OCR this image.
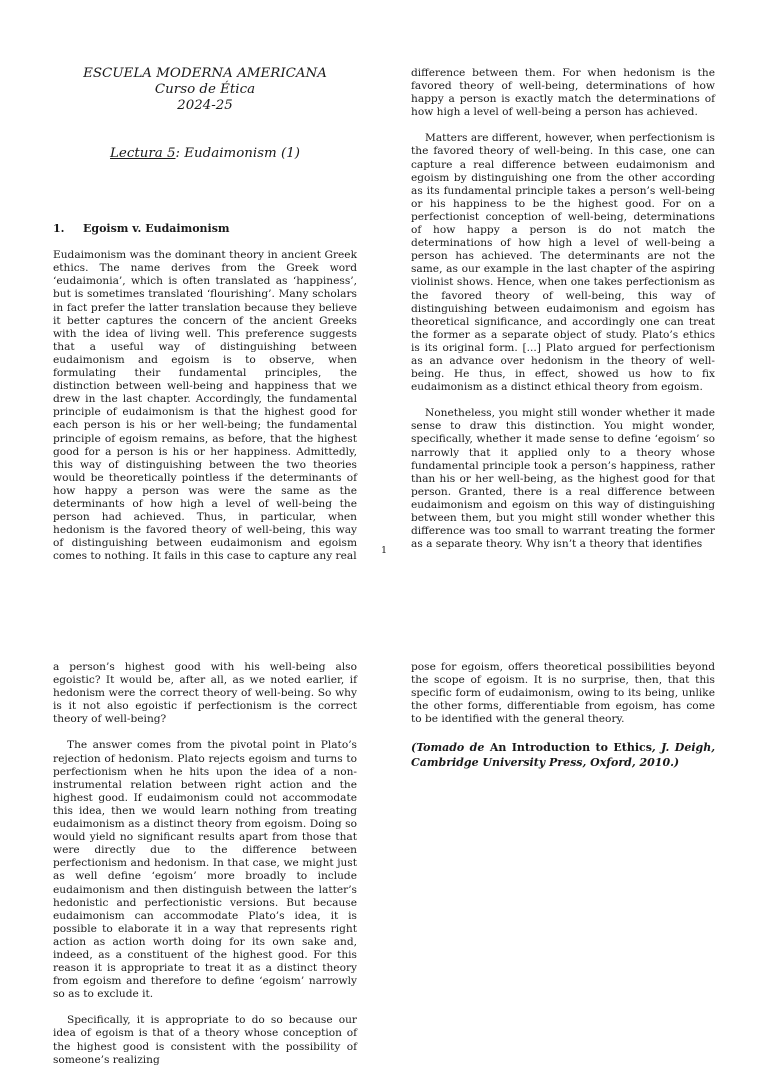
ESCUELA MODERNA AMERICANA
Curso de Ética
2024-25
Lectura 5: Eudaimonism (1)
1. Egoism v. Eudaimonism

Eudaimonism was the dominant theory in ancient Greek ethics. The name derives from the Greek word ‘eudaimonia’, which is often translated as ‘happiness’, but is sometimes translated ‘flourishing’. Many scholars in fact prefer the latter translation because they believe it better captures the concern of the ancient Greeks with the idea of living well. This preference suggests that a useful way of distinguishing between eudaimonism and egoism is to observe, when formulating their fundamental principles, the distinction between well-being and happiness that we drew in the last chapter. Accordingly, the fundamental principle of eudaimonism is that the highest good for each person is his or her well-being; the fundamental principle of egoism remains, as before, that the highest good for a person is his or her happiness. Admittedly, this way of distinguishing between the two theories would be theoretically pointless if the determinants of how happy a person was were the same as the determinants of how high a level of well-being the person had achieved. Thus, in particular, when hedonism is the favored theory of well-being, this way of distinguishing between eudaimonism and egoism comes to nothing. It fails in this case to capture any real

difference between them. For when hedonism is the favored theory of well-being, determinations of how happy a person is exactly match the determinations of how high a level of well-being a person has achieved.

Matters are different, however, when perfectionism is the favored theory of well-being. In this case, one can capture a real difference between eudaimonism and egoism by distinguishing one from the other according as its fundamental principle takes a person’s well-being or his happiness to be the highest good. For on a perfectionist conception of well-being, determinations of how happy a person is do not match the determinations of how high a level of well-being a person has achieved. The determinants are not the same, as our example in the last chapter of the aspiring violinist shows. Hence, when one takes perfectionism as the favored theory of well-being, this way of distinguishing between eudaimonism and egoism has theoretical significance, and accordingly one can treat the former as a separate object of study. Plato’s ethics is its original form. [...] Plato argued for perfectionism as an advance over hedonism in the theory of well-being. He thus, in effect, showed us how to fix eudaimonism as a distinct ethical theory from egoism.

Nonetheless, you might still wonder whether it made sense to draw this distinction. You might wonder, specifically, whether it made sense to define ‘egoism’ so narrowly that it applied only to a theory whose fundamental principle took a person’s happiness, rather than his or her well-being, as the highest good for that person. Granted, there is a real difference between eudaimonism and egoism on this way of distinguishing between them, but you might still wonder whether this difference was too small to warrant treating the former as a separate theory. Why isn’t a theory that identifies

1

a person’s highest good with his well-being also egoistic? It would be, after all, as we noted earlier, if hedonism were the correct theory of well-being. So why is it not also egoistic if perfectionism is the correct theory of well-being?

The answer comes from the pivotal point in Plato’s rejection of hedonism. Plato rejects egoism and turns to perfectionism when he hits upon the idea of a non-instrumental relation between right action and the highest good. If eudaimonism could not accommodate this idea, then we would learn nothing from treating eudaimonism as a distinct theory from egoism. Doing so would yield no significant results apart from those that were directly due to the difference between perfectionism and hedonism. In that case, we might just as well define ‘egoism’ more broadly to include eudaimonism and then distinguish between the latter’s hedonistic and perfectionistic versions. But because eudaimonism can accommodate Plato’s idea, it is possible to elaborate it in a way that represents right action as action worth doing for its own sake and, indeed, as a constituent of the highest good. For this reason it is appropriate to treat it as a distinct theory from egoism and therefore to define ‘egoism’ narrowly so as to exclude it.

Specifically, it is appropriate to do so because our idea of egoism is that of a theory whose conception of the highest good is consistent with the possibility of someone’s realizing

pose for egoism, offers theoretical possibilities beyond the scope of egoism. It is no surprise, then, that this specific form of eudaimonism, owing to its being, unlike the other forms, differentiable from egoism, has come to be identified with the general theory.

(Tomado de An Introduction to Ethics, J. Deigh, Cambridge University Press, Oxford, 2010.)
